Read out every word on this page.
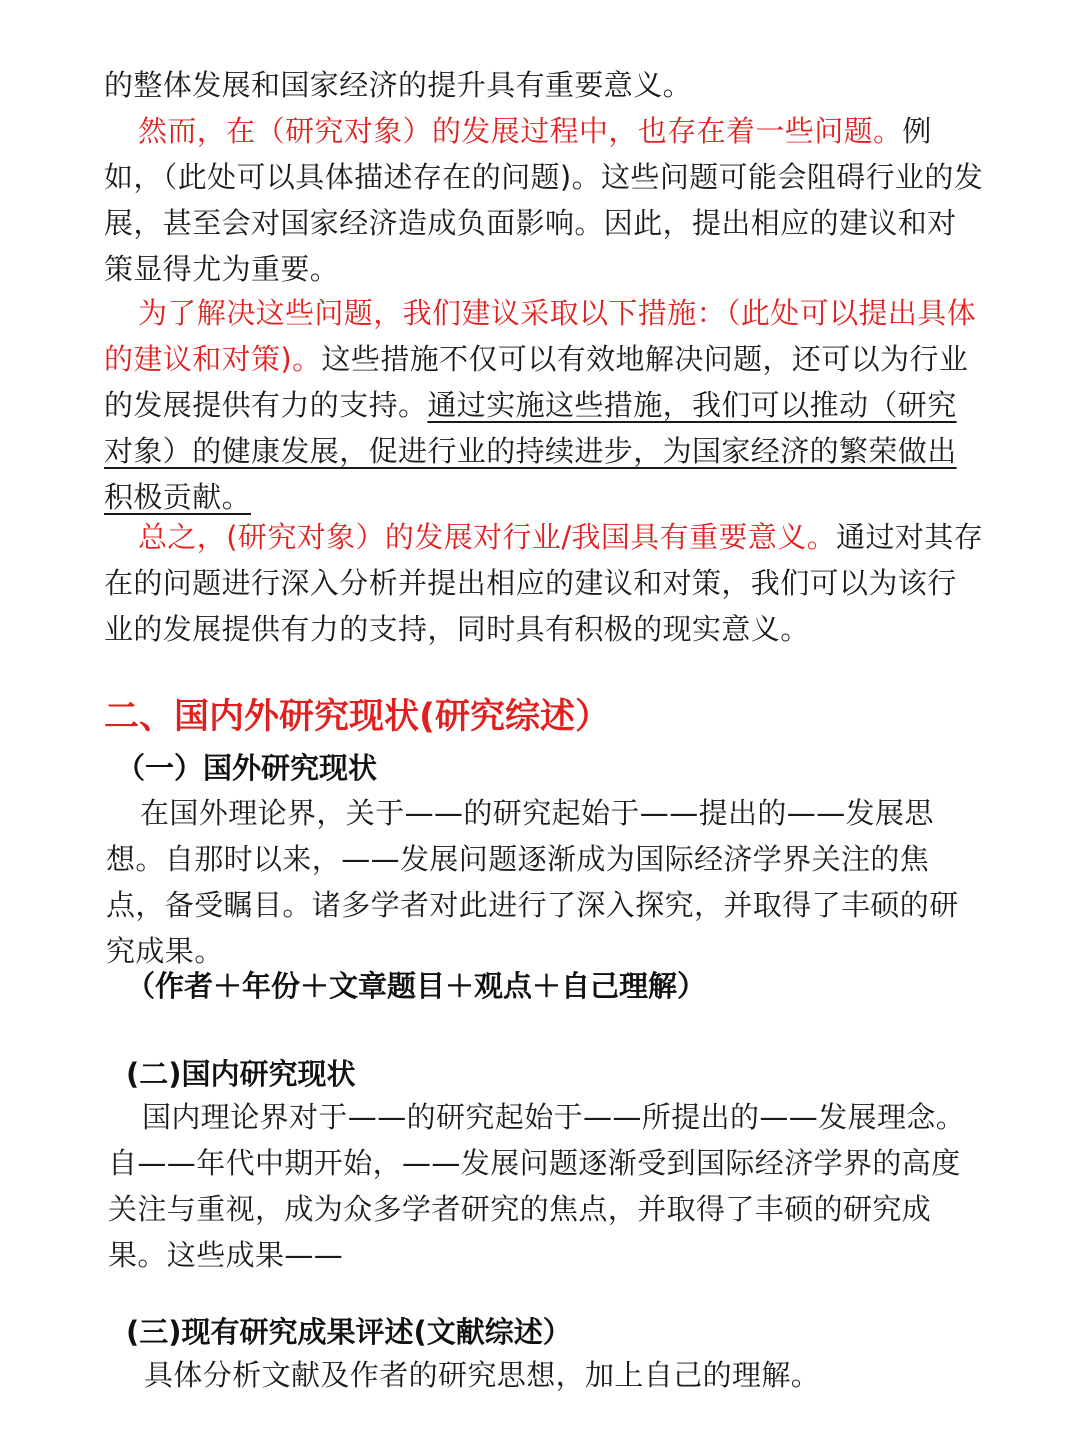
的整体发展和国家经济的提升具有重要意义。

然而，在（研究对象）的发展过程中，也存在着一些问题。例如，（此处可以具体描述存在的问题)。这些问题可能会阻碍行业的发展，甚至会对国家经济造成负面影响。因此，提出相应的建议和对策显得尤为重要。

为了解决这些问题，我们建议采取以下措施：（此处可以提出具体的建议和对策)。这些措施不仅可以有效地解决问题，还可以为行业的发展提供有力的支持。通过实施这些措施，我们可以推动（研究对象）的健康发展，促进行业的持续进步，为国家经济的繁荣做出积极贡献。

总之，(研究对象）的发展对行业/我国具有重要意义。通过对其存在的问题进行深入分析并提出相应的建议和对策，我们可以为该行业的发展提供有力的支持，同时具有积极的现实意义。

二、国内外研究现状(研究综述）
（一）国外研究现状

在国外理论界，关于——的研究起始于——提出的——发展思想。自那时以来，——发展问题逐渐成为国际经济学界关注的焦点，备受瞩目。诸多学者对此进行了深入探究，并取得了丰硕的研究成果。

（作者＋年份＋文章题目＋观点＋自己理解）

(二)国内研究现状

国内理论界对于——的研究起始于——所提出的——发展理念。自——年代中期开始，——发展问题逐渐受到国际经济学界的高度关注与重视，成为众多学者研究的焦点，并取得了丰硕的研究成果。这些成果——

(三)现有研究成果评述(文献综述）

具体分析文献及作者的研究思想，加上自己的理解。
